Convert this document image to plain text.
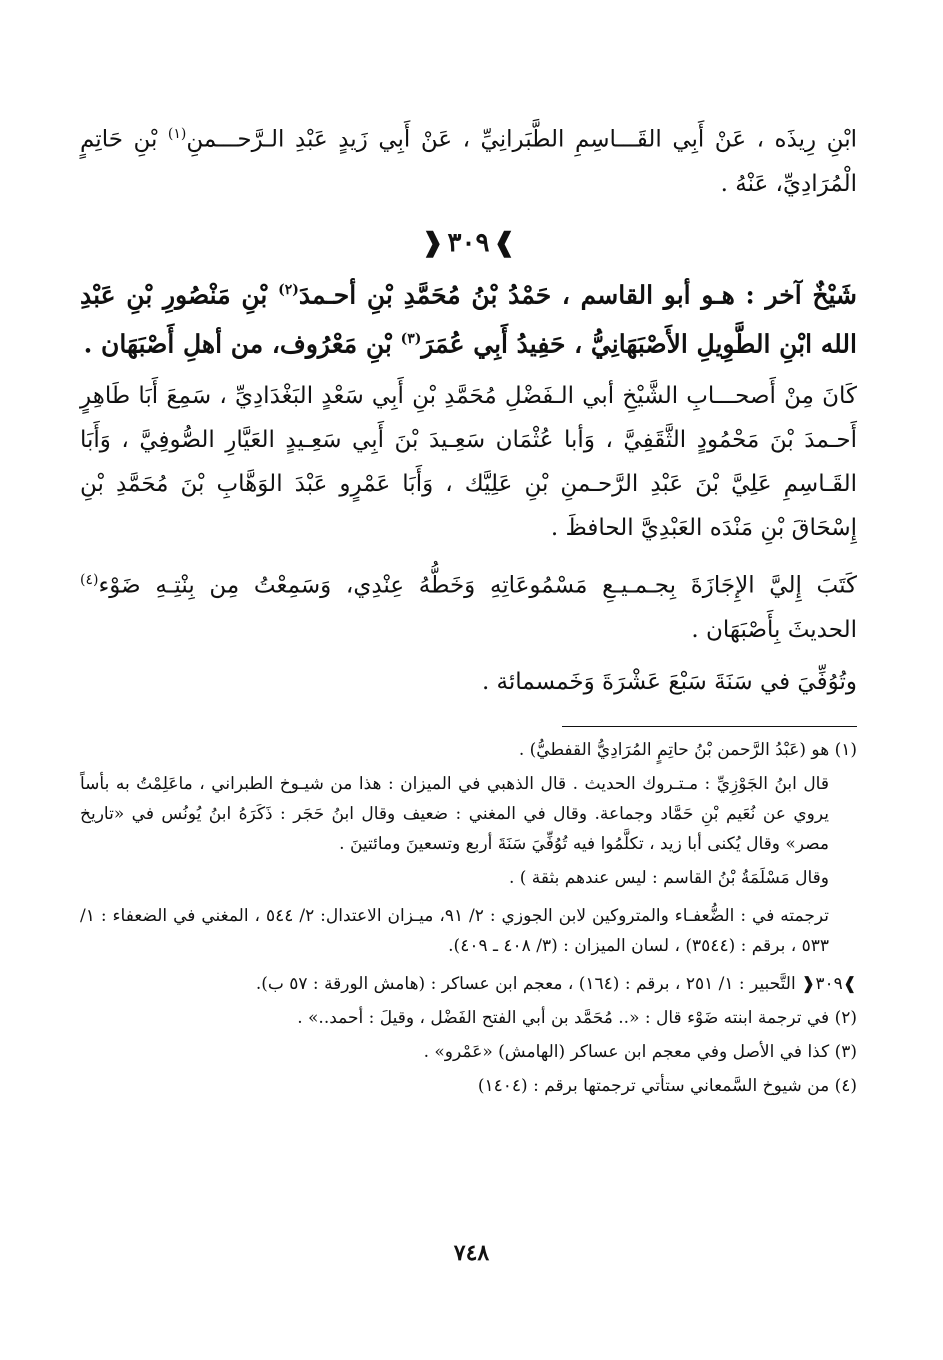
ابْنِ رِيذَه ، عَنْ أَبِي القَـــاسِمِ الطَّبَرانِيِّ ، عَنْ أَبِي زَيدٍ عَبْدِ الـرَّحـــمنِ$^{(١)}$ بْنِ حَاتِمٍ الْمُرَادِيِّ، عَنْهُ .

❱٣٠٩❰

شَيْخٌ آخر : هـو أبو القاسم ، حَمْدُ بْنُ مُحَمَّدِ بْنِ أحـمدَ$^{(٢)}$ بْنِ مَنْصُورِ بْنِ عَبْدِ الله ابْنِ الطَّوِيلِ الأَصْبَهَانِيُّ ، حَفِيدُ أَبِي عُمَرَ$^{(٣)}$ بْنِ مَعْرُوف، من أهلِ أَصْبَهَان .

كَانَ مِنْ أَصحـــابِ الشَّيْخِ أبي الـفَضْلِ مُحَمَّدِ بْنِ أَبِي سَعْدٍ البَغْدَادِيِّ ، سَمِعَ أَبَا طَاهِرٍ أَحـمدَ بْنَ مَحْمُودٍ الثَّقَفِيَّ ، وَأبا عُثْمَان سَعِـيدَ بْنَ أَبِي سَعِـيدٍ العَيَّارِ الصُّوفِيَّ ، وَأَبَا القَـاسِمِ عَلِيَّ بْنَ عَبْدِ الرَّحـمنِ بْنِ عَلِيَّك ، وَأَبَا عَمْرٍو عَبْدَ الوَهَّابِ بْنَ مُحَمَّدِ بْنِ إِسْحَاقَ بْنِ مَنْدَه العَبْدِيَّ الحافظَ .

كَتَبَ إِليَّ الإِجَازَةَ بِجـمـيـعِ مَسْمُوعَاتِهِ وَخَطُّهُ عِنْدِي، وَسَمِعْتُ مِن بِنْتِـهِ ضَوْء$^{(٤)}$ الحديثَ بِأَصْبَهَان .

وتُوُفِّيَ في سَنَةَ سَبْعَ عَشْرَةَ وَخَمسمائة .

(١) هو (عَبْدُ الرَّحمن بْنُ حاتِمٍ المُرَادِيُّ القفطيُّ) .

قال ابنُ الجَوْزِيِّ : مـتـروك الحديث . قال الذهبي في الميزان : هذا من شيـوخ الطبراني ، ماعَلِمْتُ به بأساً يروي عن نُعَيم بْنِ حَمَّاد وجماعة. وقال في المغني : ضعيف وقال ابنُ حَجَر : ذَكَرَهُ ابنُ يُونُس في «تاريخ مصر» وقال يُكنى أبا زيد ، تكلَّمُوا فيه تُوُفِّيَ سَنَةَ أربع وتسعينَ ومائتينَ .

وقال مَسْلَمَةُ بْنُ القاسم : ليس عندهم بثقة ) .

ترجمته في : الضُّعفـاء والمتروكين لابن الجوزي : ٢/ ٩١، ميـزان الاعتدال: ٢/ ٥٤٤ ، المغني في الضعفاء : ١/ ٥٣٣ ، برقم : (٣٥٤٤) ، لسان الميزان : (٣/ ٤٠٨ ـ ٤٠٩).

❱٣٠٩❰ التَّحبير : ١/ ٢٥١ ، برقم : (١٦٤) ، معجم ابن عساكر : (هامش الورقة : ٥٧ ب).

(٢) في ترجمة ابنته ضَوْء قال : «.. مُحَمَّد بن أبي الفتح الفَضْل ، وقيلَ : أحمد..» .

(٣) كذا في الأصل وفي معجم ابن عساكر (الهامش) «عَمْرو» .

(٤) من شيوخ السَّمعاني ستأتي ترجمتها برقم : (١٤٠٤)

٧٤٨
